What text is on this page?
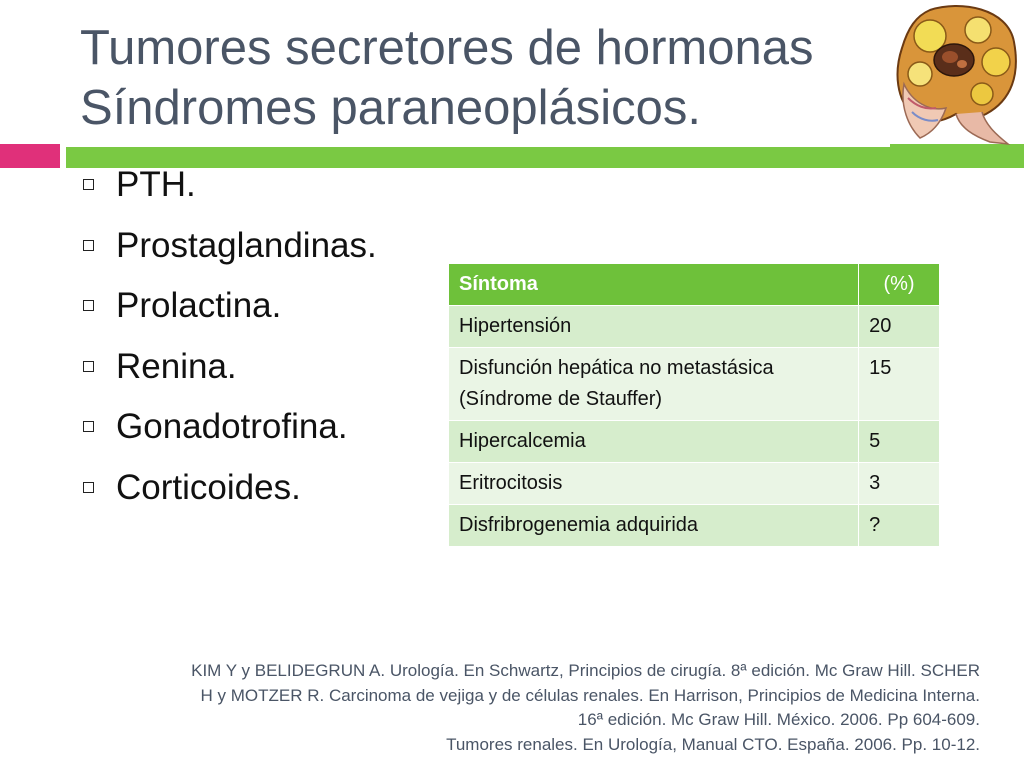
Tumores secretores de hormonas
Síndromes paraneoplásicos.
PTH.
Prostaglandinas.
Prolactina.
Renina.
Gonadotrofina.
Corticoides.
Síntoma	(%)
Hipertensión	20
Disfunción hepática no metastásica (Síndrome de Stauffer)	15
Hipercalcemia	5
Eritrocitosis	3
Disfribrogenemia adquirida	?
KIM Y y BELIDEGRUN A. Urología. En Schwartz, Principios de cirugía. 8ª edición. Mc Graw Hill. SCHER
H y MOTZER R. Carcinoma de vejiga y de células renales. En Harrison, Principios de Medicina Interna.
16ª edición. Mc Graw Hill. México. 2006. Pp 604-609.
Tumores renales. En Urología, Manual CTO. España. 2006. Pp. 10-12.
